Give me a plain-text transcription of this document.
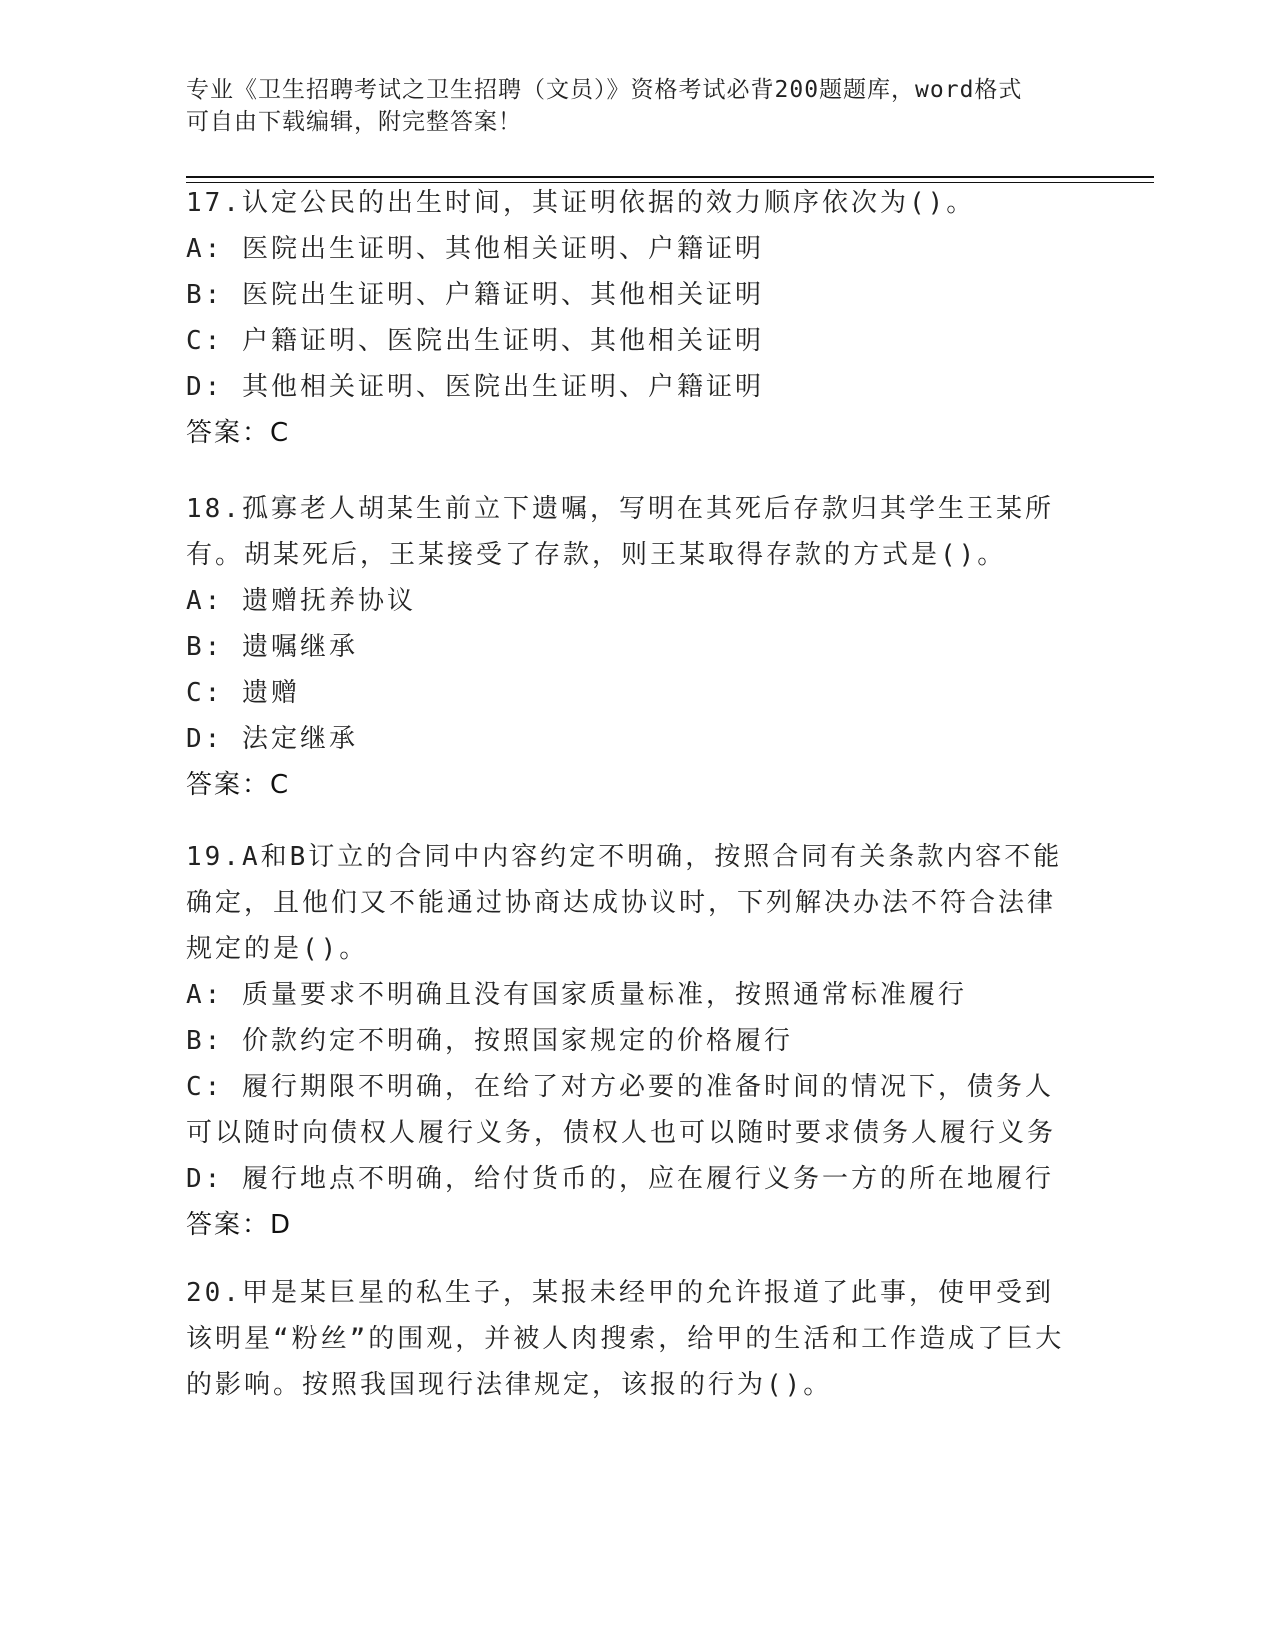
专业《卫生招聘考试之卫生招聘（文员）》资格考试必背200题题库，word格式
可自由下载编辑，附完整答案！
17.认定公民的出生时间，其证明依据的效力顺序依次为()。
A: 医院出生证明、其他相关证明、户籍证明
B: 医院出生证明、户籍证明、其他相关证明
C: 户籍证明、医院出生证明、其他相关证明
D: 其他相关证明、医院出生证明、户籍证明
答案：C
18.孤寡老人胡某生前立下遗嘱，写明在其死后存款归其学生王某所有。胡某死后，王某接受了存款，则王某取得存款的方式是()。
A: 遗赠抚养协议
B: 遗嘱继承
C: 遗赠
D: 法定继承
答案：C
19.A和B订立的合同中内容约定不明确，按照合同有关条款内容不能确定，且他们又不能通过协商达成协议时，下列解决办法不符合法律规定的是()。
A: 质量要求不明确且没有国家质量标准，按照通常标准履行
B: 价款约定不明确，按照国家规定的价格履行
C: 履行期限不明确，在给了对方必要的准备时间的情况下，债务人可以随时向债权人履行义务，债权人也可以随时要求债务人履行义务
D: 履行地点不明确，给付货币的，应在履行义务一方的所在地履行
答案：D
20.甲是某巨星的私生子，某报未经甲的允许报道了此事，使甲受到该明星“粉丝”的围观，并被人肉搜索，给甲的生活和工作造成了巨大的影响。按照我国现行法律规定，该报的行为()。
